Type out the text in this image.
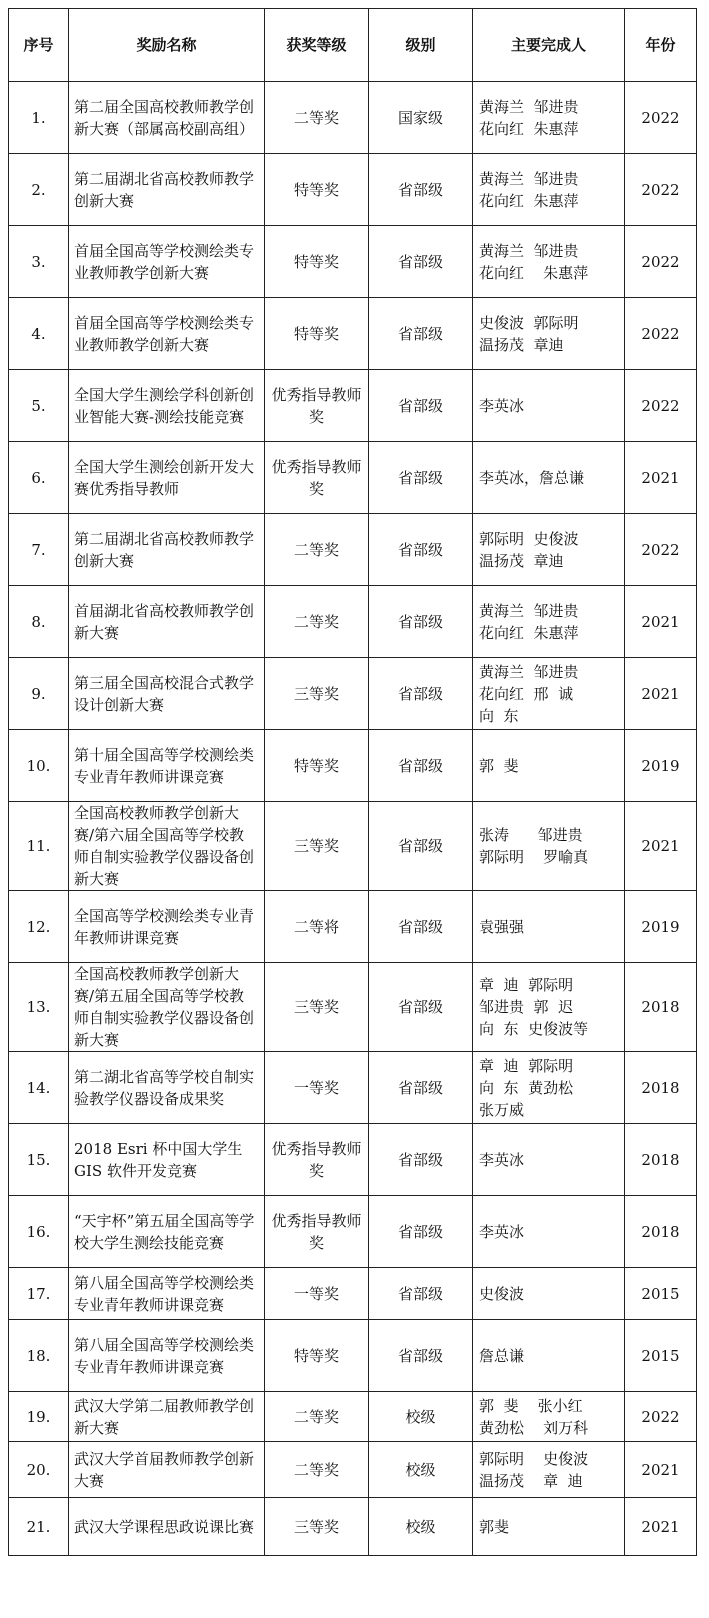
序号	奖励名称	获奖等级	级别	主要完成人	年份
1.	第二届全国高校教师教学创新大赛（部属高校副高组）	二等奖	国家级	黄海兰  邹进贵
花向红  朱惠萍	2022
2.	第二届湖北省高校教师教学创新大赛	特等奖	省部级	黄海兰  邹进贵
花向红  朱惠萍	2022
3.	首届全国高等学校测绘类专业教师教学创新大赛	特等奖	省部级	黄海兰  邹进贵
花向红    朱惠萍	2022
4.	首届全国高等学校测绘类专业教师教学创新大赛	特等奖	省部级	史俊波  郭际明
温扬茂  章迪	2022
5.	全国大学生测绘学科创新创业智能大赛-测绘技能竞赛	优秀指导教师奖	省部级	李英冰	2022
6.	全国大学生测绘创新开发大赛优秀指导教师	优秀指导教师奖	省部级	李英冰，詹总谦	2021
7.	第二届湖北省高校教师教学创新大赛	二等奖	省部级	郭际明  史俊波
温扬茂  章迪	2022
8.	首届湖北省高校教师教学创新大赛	二等奖	省部级	黄海兰  邹进贵
花向红  朱惠萍	2021
9.	第三届全国高校混合式教学设计创新大赛	三等奖	省部级	黄海兰  邹进贵
花向红  邢  诚
向  东	2021
10.	第十届全国高等学校测绘类专业青年教师讲课竞赛	特等奖	省部级	郭  斐	2019
11.	全国高校教师教学创新大赛/第六届全国高等学校教师自制实验教学仪器设备创新大赛	三等奖	省部级	张涛      邹进贵
郭际明    罗喻真	2021
12.	全国高等学校测绘类专业青年教师讲课竞赛	二等将	省部级	袁强强	2019
13.	全国高校教师教学创新大赛/第五届全国高等学校教师自制实验教学仪器设备创新大赛	三等奖	省部级	章  迪  郭际明
邹进贵  郭  迟
向  东  史俊波等	2018
14.	第二湖北省高等学校自制实验教学仪器设备成果奖	一等奖	省部级	章  迪  郭际明
向  东  黄劲松
张万威	2018
15.	2018 Esri 杯中国大学生 GIS 软件开发竞赛	优秀指导教师奖	省部级	李英冰	2018
16.	“天宇杯”第五届全国高等学校大学生测绘技能竞赛	优秀指导教师奖	省部级	李英冰	2018
17.	第八届全国高等学校测绘类专业青年教师讲课竞赛	一等奖	省部级	史俊波	2015
18.	第八届全国高等学校测绘类专业青年教师讲课竞赛	特等奖	省部级	詹总谦	2015
19.	武汉大学第二届教师教学创新大赛	二等奖	校级	郭  斐    张小红
黄劲松    刘万科	2022
20.	武汉大学首届教师教学创新大赛	二等奖	校级	郭际明    史俊波
温扬茂    章  迪	2021
21.	武汉大学课程思政说课比赛	三等奖	校级	郭斐	2021
